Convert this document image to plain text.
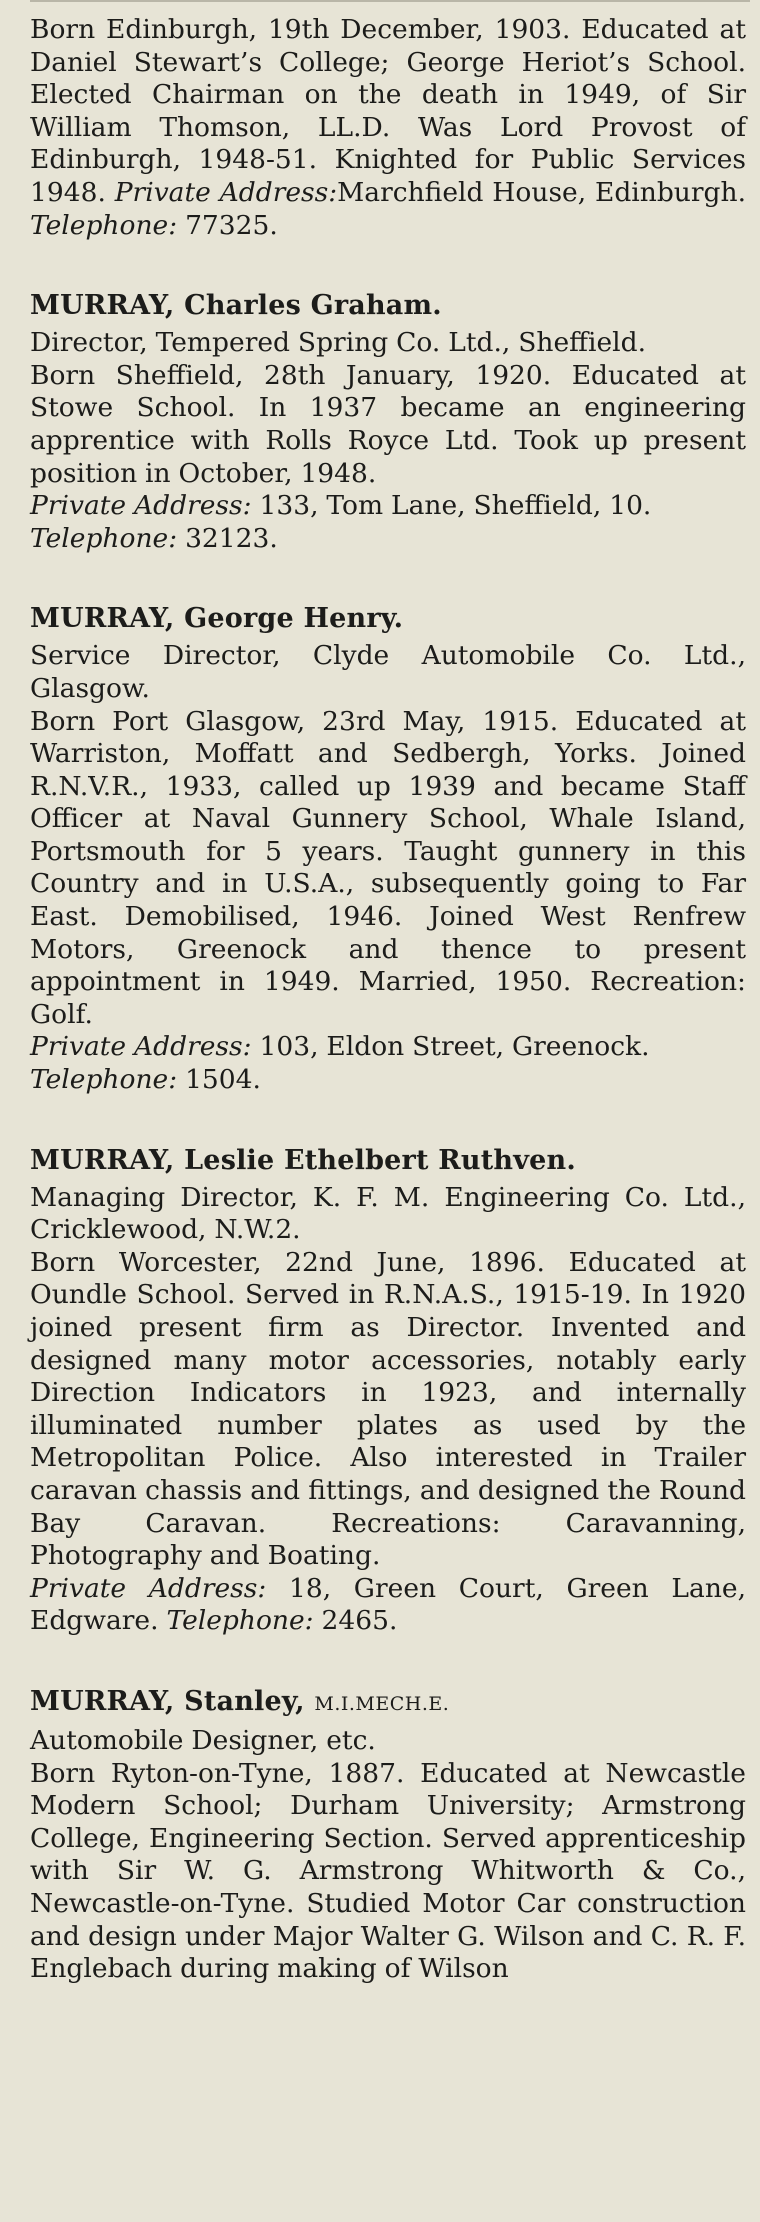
Born Edinburgh, 19th December, 1903. Educated at Daniel Stewart’s College; George Heriot’s School. Elected Chairman on the death in 1949, of Sir William Thomson, LL.D. Was Lord Provost of Edinburgh, 1948-51. Knighted for Public Services 1948. Private Address:Marchfield House, Edinburgh. Telephone: 77325.

MURRAY, Charles Graham.

Director, Tempered Spring Co. Ltd., Sheffield.

Born Sheffield, 28th January, 1920. Educated at Stowe School. In 1937 became an engineering apprentice with Rolls Royce Ltd. Took up present position in October, 1948.
Private Address: 133, Tom Lane, Sheffield, 10.
Telephone: 32123.

MURRAY, George Henry.

Service Director, Clyde Automobile Co. Ltd., Glasgow.

Born Port Glasgow, 23rd May, 1915. Educated at Warriston, Moffatt and Sedbergh, Yorks. Joined R.N.V.R., 1933, called up 1939 and became Staff Officer at Naval Gunnery School, Whale Island, Portsmouth for 5 years. Taught gunnery in this Country and in U.S.A., subsequently going to Far East. Demobilised, 1946. Joined West Renfrew Motors, Greenock and thence to present appointment in 1949. Married, 1950. Recreation: Golf.
Private Address: 103, Eldon Street, Greenock.
Telephone: 1504.

MURRAY, Leslie Ethelbert Ruthven.

Managing Director, K. F. M. Engineering Co. Ltd., Cricklewood, N.W.2.

Born Worcester, 22nd June, 1896. Educated at Oundle School. Served in R.N.A.S., 1915-19. In 1920 joined present firm as Director. Invented and designed many motor accessories, notably early Direction Indicators in 1923, and internally illuminated number plates as used by the Metropolitan Police. Also interested in Trailer caravan chassis and fittings, and designed the Round Bay Caravan. Recreations: Caravanning, Photography and Boating.
Private Address: 18, Green Court, Green Lane, Edgware. Telephone: 2465.

MURRAY, Stanley, M.I.MECH.E.

Automobile Designer, etc.

Born Ryton-on-Tyne, 1887. Educated at Newcastle Modern School; Durham University; Armstrong College, Engineering Section. Served apprenticeship with Sir W. G. Armstrong Whitworth & Co., Newcastle-on-Tyne. Studied Motor Car construction and design under Major Walter G. Wilson and C. R. F. Englebach during making of Wilson
